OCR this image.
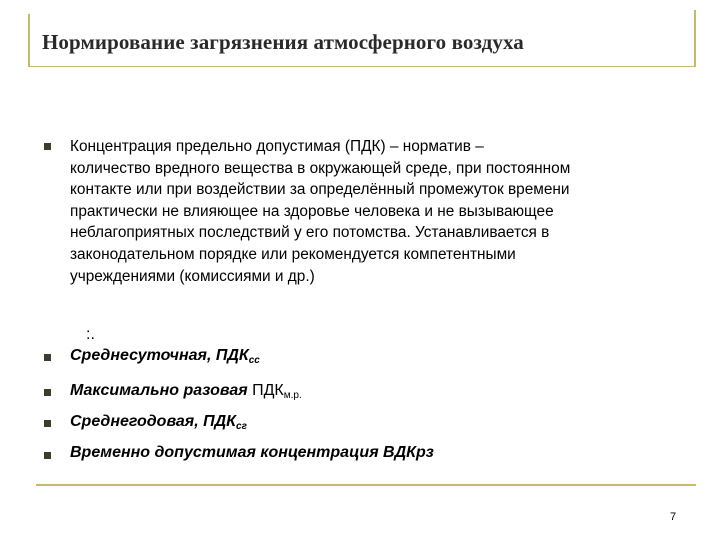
Нормирование загрязнения атмосферного воздуха
Концентрация предельно допустимая (ПДК) – норматив –
количество вредного вещества в окружающей среде, при постоянном
контакте или при воздействии за определённый промежуток времени
практически не влияющее на здоровье человека и не вызывающее
неблагоприятных последствий у его потомства. Устанавливается в
законодательном порядке или рекомендуется компетентными
учреждениями (комиссиями и др.)
:.
Среднесуточная, $ПДК_{сс}$
Максимально разовая $ПДК_{м.р.}$
Среднегодовая, $ПДК_{сг}$
Временно допустимая концентрация ВДКрз
7
